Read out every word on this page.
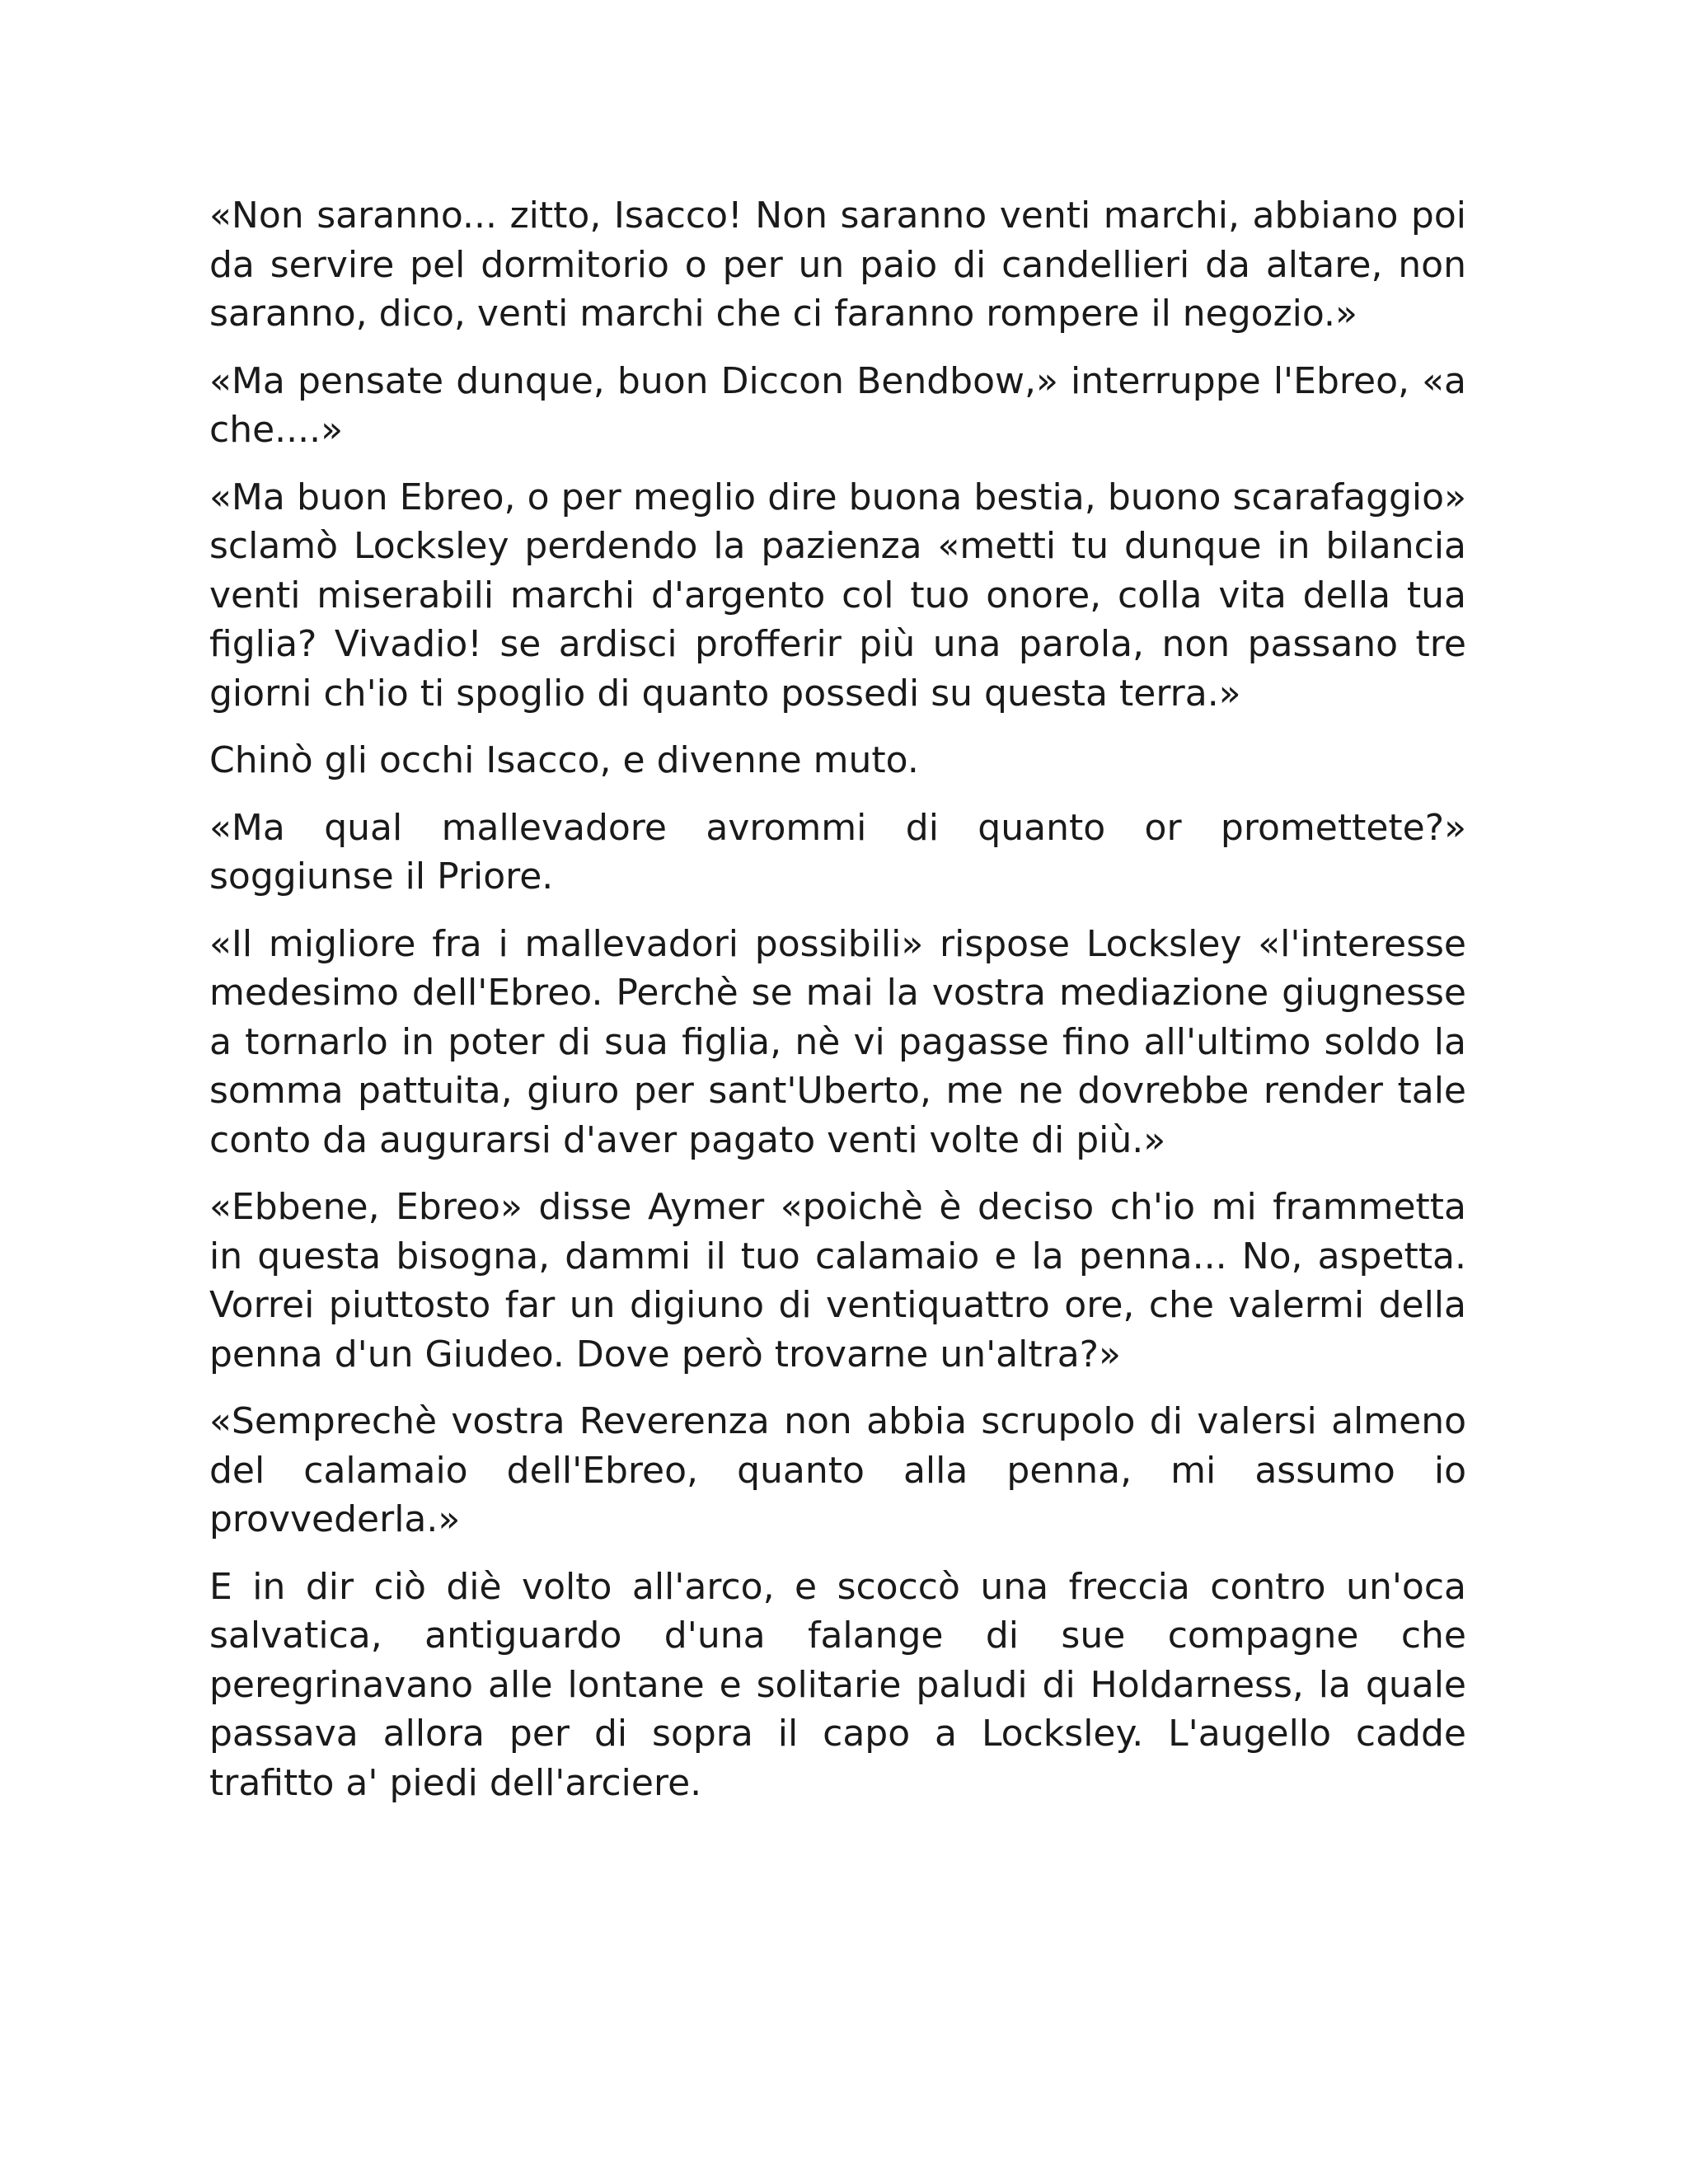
«Non saranno... zitto, Isacco! Non saranno venti marchi, abbiano poi da servire pel dormitorio o per un paio di candellieri da altare, non saranno, dico, venti marchi che ci faranno rompere il negozio.»

«Ma pensate dunque, buon Diccon Bendbow,» interruppe l'Ebreo, «a che....»

«Ma buon Ebreo, o per meglio dire buona bestia, buono scarafaggio» sclamò Locksley perdendo la pazienza «metti tu dunque in bilancia venti miserabili marchi d'argento col tuo onore, colla vita della tua figlia? Vivadio! se ardisci profferir più una parola, non passano tre giorni ch'io ti spoglio di quanto possedi su questa terra.»

Chinò gli occhi Isacco, e divenne muto.

«Ma qual mallevadore avrommi di quanto or promettete?» soggiunse il Priore.

«Il migliore fra i mallevadori possibili» rispose Locksley «l'interesse medesimo dell'Ebreo. Perchè se mai la vostra mediazione giugnesse a tornarlo in poter di sua figlia, nè vi pagasse fino all'ultimo soldo la somma pattuita, giuro per sant'Uberto, me ne dovrebbe render tale conto da augurarsi d'aver pagato venti volte di più.»

«Ebbene, Ebreo» disse Aymer «poichè è deciso ch'io mi frammetta in questa bisogna, dammi il tuo calamaio e la penna... No, aspetta. Vorrei piuttosto far un digiuno di ventiquattro ore, che valermi della penna d'un Giudeo. Dove però trovarne un'altra?»

«Semprechè vostra Reverenza non abbia scrupolo di valersi almeno del calamaio dell'Ebreo, quanto alla penna, mi assumo io provvederla.»

E in dir ciò diè volto all'arco, e scoccò una freccia contro un'oca salvatica, antiguardo d'una falange di sue compagne che peregrinavano alle lontane e solitarie paludi di Holdarness, la quale passava allora per di sopra il capo a Locksley. L'augello cadde trafitto a' piedi dell'arciere.
